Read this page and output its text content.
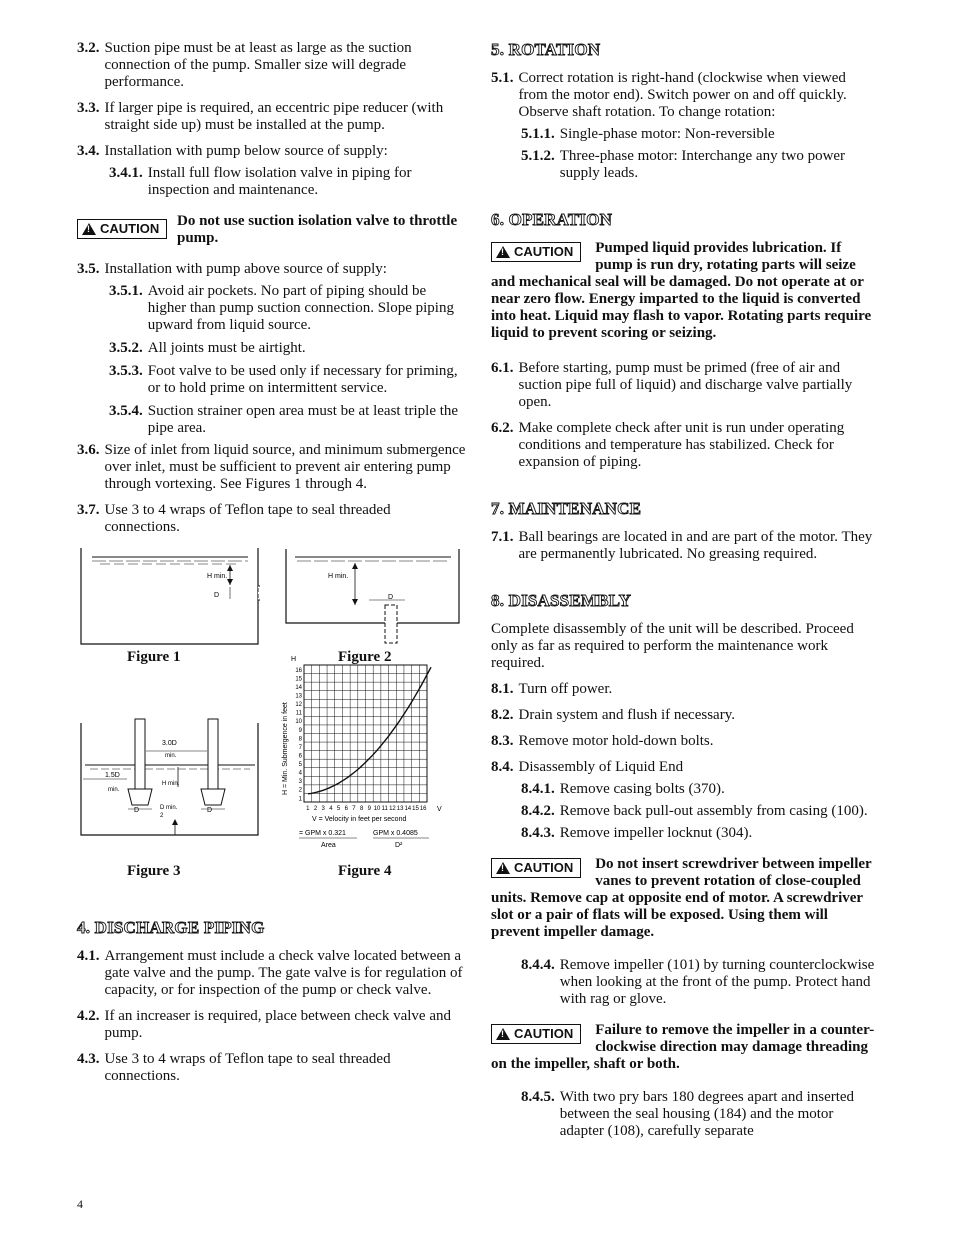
3.2. Suction pipe must be at least as large as the suction connection of the pump. Smaller size will degrade performance.
3.3. If larger pipe is required, an eccentric pipe reducer (with straight side up) must be installed at the pump.
3.4. Installation with pump below source of supply:
3.4.1. Install full flow isolation valve in piping for inspection and maintenance.
! CAUTION Do not use suction isolation valve to throttle pump.
3.5. Installation with pump above source of supply:
3.5.1. Avoid air pockets. No part of piping should be higher than pump suction connection. Slope piping upward from liquid source.
3.5.2. All joints must be airtight.
3.5.3. Foot valve to be used only if necessary for priming, or to hold prime on intermittent service.
3.5.4. Suction strainer open area must be at least triple the pipe area.
3.6. Size of inlet from liquid source, and minimum submergence over inlet, must be sufficient to prevent air entering pump through vortexing. See Figures 1 through 4.
3.7. Use 3 to 4 wraps of Teflon tape to seal threaded connections.
H min.
D
H min.
D
Figure 1	Figure 2
3.0D
min.
1.5D
min.
H min.
D	D min.
2
D
H
1
2
3
4
5
6
7
8
9
10
11
12
13
14
15
16
1 2 3 4 5 6 7 8 9 10 11 12 13 14 15 16
H = Min. Submergence in feet
V
V = Velocity in feet per second
= GPM x 0.321
Area
GPM x 0.4085
D²
Figure 3	Figure 4
4. DISCHARGE PIPING
4.1. Arrangement must include a check valve located between a gate valve and the pump. The gate valve is for regulation of capacity, or for inspection of the pump or check valve.
4.2. If an increaser is required, place between check valve and pump.
4.3. Use 3 to 4 wraps of Teflon tape to seal threaded connections.
5. ROTATION
5.1. Correct rotation is right-hand (clockwise when viewed from the motor end). Switch power on and off quickly. Observe shaft rotation. To change rotation:
5.1.1. Single-phase motor: Non-reversible
5.1.2. Three-phase motor: Interchange any two power supply leads.
6. OPERATION
! CAUTION Pumped liquid provides lubrication. If pump is run dry, rotating parts will seize and mechanical seal will be damaged. Do not operate at or near zero flow. Energy imparted to the liquid is converted into heat. Liquid may flash to vapor. Rotating parts require liquid to prevent scoring or seizing.
6.1. Before starting, pump must be primed (free of air and suction pipe full of liquid) and discharge valve partially open.
6.2. Make complete check after unit is run under operating conditions and temperature has stabilized. Check for expansion of piping.
7. MAINTENANCE
7.1. Ball bearings are located in and are part of the motor. They are permanently lubricated. No greasing required.
8. DISASSEMBLY
Complete disassembly of the unit will be described. Proceed only as far as required to perform the maintenance work required.
8.1. Turn off power.
8.2. Drain system and flush if necessary.
8.3. Remove motor hold-down bolts.
8.4. Disassembly of Liquid End
8.4.1. Remove casing bolts (370).
8.4.2. Remove back pull-out assembly from casing (100).
8.4.3. Remove impeller locknut (304).
! CAUTION Do not insert screwdriver between impeller vanes to prevent rotation of close-coupled units. Remove cap at opposite end of motor. A screwdriver slot or a pair of flats will be exposed. Using them will prevent impeller damage.
8.4.4. Remove impeller (101) by turning counterclockwise when looking at the front of the pump. Protect hand with rag or glove.
! CAUTION Failure to remove the impeller in a counter-clockwise direction may damage threading on the impeller, shaft or both.
8.4.5. With two pry bars 180 degrees apart and inserted between the seal housing (184) and the motor adapter (108), carefully separate
4
